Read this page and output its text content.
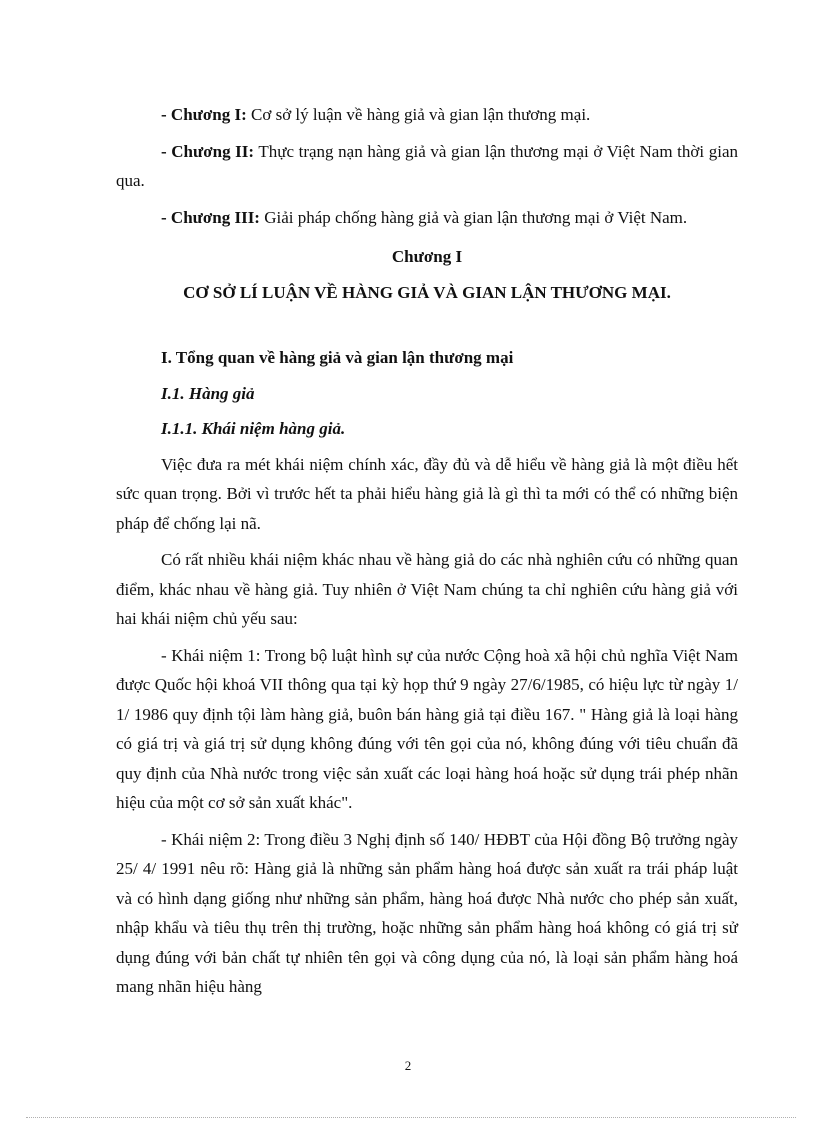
- Chương I: Cơ sở lý luận về hàng giả và gian lận thương mại.

- Chương II: Thực trạng nạn hàng giả và gian lận thương mại ở Việt Nam thời gian qua.

- Chương III: Giải pháp chống hàng giả và gian lận thương mại ở Việt Nam.

Chương I

CƠ SỞ LÍ LUẬN VỀ HÀNG GIẢ VÀ GIAN LẬN THƯƠNG MẠI.

I. Tổng quan về hàng giả và gian lận thương mại

I.1. Hàng giả

I.1.1. Khái niệm hàng giả.

Việc đưa ra mét khái niệm chính xác, đầy đủ và dễ hiểu về hàng giả là một điều hết sức quan trọng. Bởi vì trước hết ta phải hiểu hàng giả là gì thì ta mới có thể có những biện pháp để chống lại nã.

Có rất nhiều khái niệm khác nhau về hàng giả do các nhà nghiên cứu có những quan điểm, khác nhau về hàng giả. Tuy nhiên ở Việt Nam chúng ta chỉ nghiên cứu hàng giả với hai khái niệm chủ yếu sau:

- Khái niệm 1: Trong bộ luật hình sự của nước Cộng hoà xã hội chủ nghĩa Việt Nam được Quốc hội khoá VII thông qua tại kỳ họp thứ 9 ngày 27/6/1985, có hiệu lực từ ngày 1/ 1/ 1986 quy định tội làm hàng giả, buôn bán hàng giả tại điều 167. " Hàng giả là loại hàng có giá trị và giá trị sử dụng không đúng với tên gọi của nó, không đúng với tiêu chuẩn đã quy định của Nhà nước trong việc sản xuất các loại hàng hoá hoặc sử dụng trái phép nhãn hiệu của một cơ sở sản xuất khác".

- Khái niệm 2: Trong điều 3 Nghị định số 140/ HĐBT của Hội đồng Bộ trưởng ngày 25/ 4/ 1991 nêu rõ: Hàng giả là những sản phẩm hàng hoá được sản xuất ra trái pháp luật và có hình dạng giống như những sản phẩm, hàng hoá được Nhà nước cho phép sản xuất, nhập khẩu và tiêu thụ trên thị trường, hoặc những sản phẩm hàng hoá không có giá trị sử dụng đúng với bản chất tự nhiên tên gọi và công dụng của nó, là loại sản phẩm hàng hoá mang nhãn hiệu hàng

2
